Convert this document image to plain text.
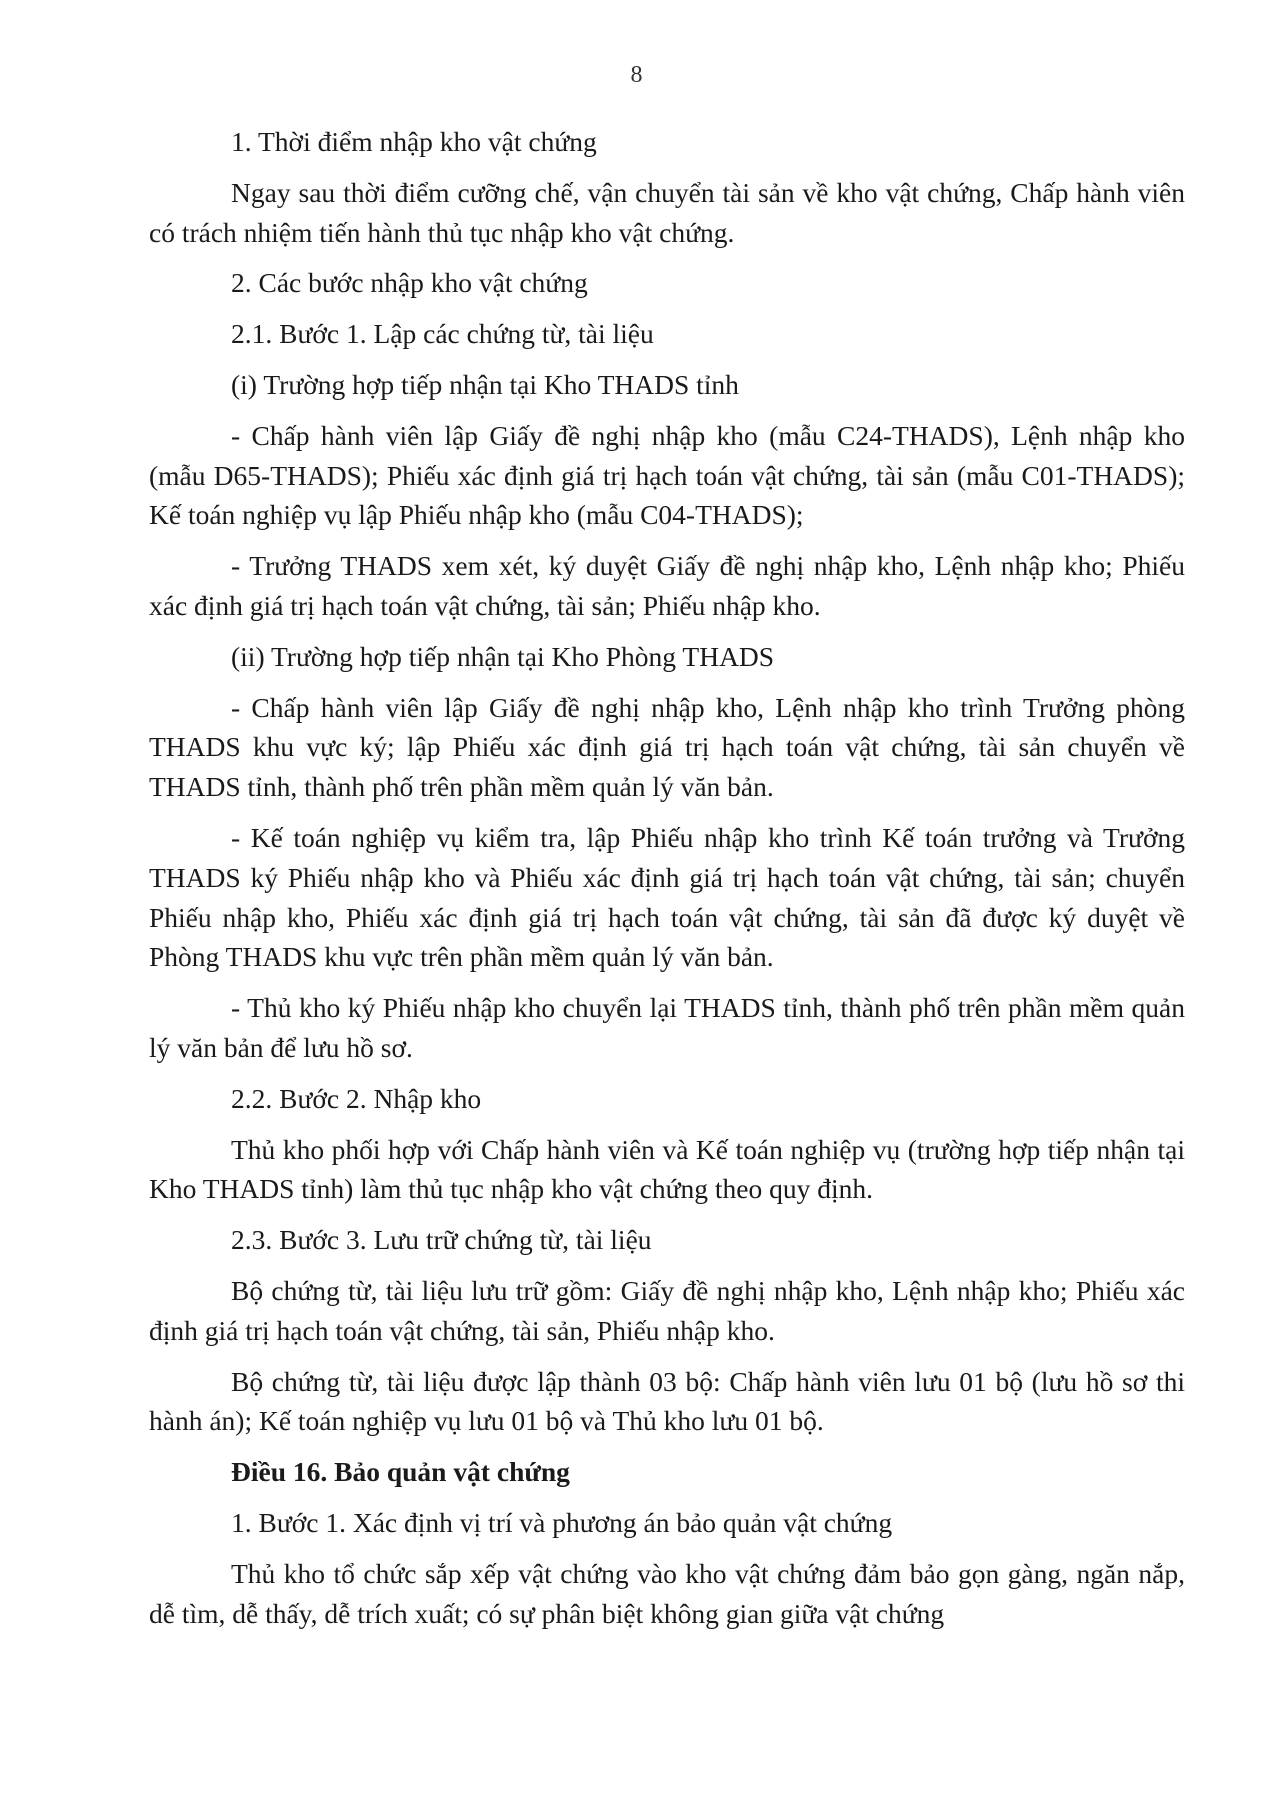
8

1. Thời điểm nhập kho vật chứng

Ngay sau thời điểm cưỡng chế, vận chuyển tài sản về kho vật chứng, Chấp hành viên có trách nhiệm tiến hành thủ tục nhập kho vật chứng.

2. Các bước nhập kho vật chứng

2.1. Bước 1. Lập các chứng từ, tài liệu

(i) Trường hợp tiếp nhận tại Kho THADS tỉnh

- Chấp hành viên lập Giấy đề nghị nhập kho (mẫu C24-THADS), Lệnh nhập kho (mẫu D65-THADS); Phiếu xác định giá trị hạch toán vật chứng, tài sản (mẫu C01-THADS); Kế toán nghiệp vụ lập Phiếu nhập kho (mẫu C04-THADS);

- Trưởng THADS xem xét, ký duyệt Giấy đề nghị nhập kho, Lệnh nhập kho; Phiếu xác định giá trị hạch toán vật chứng, tài sản; Phiếu nhập kho.

(ii) Trường hợp tiếp nhận tại Kho Phòng THADS

- Chấp hành viên lập Giấy đề nghị nhập kho, Lệnh nhập kho trình Trưởng phòng THADS khu vực ký; lập Phiếu xác định giá trị hạch toán vật chứng, tài sản chuyển về THADS tỉnh, thành phố trên phần mềm quản lý văn bản.

- Kế toán nghiệp vụ kiểm tra, lập Phiếu nhập kho trình Kế toán trưởng và Trưởng THADS ký Phiếu nhập kho và Phiếu xác định giá trị hạch toán vật chứng, tài sản; chuyển Phiếu nhập kho, Phiếu xác định giá trị hạch toán vật chứng, tài sản đã được ký duyệt về Phòng THADS khu vực trên phần mềm quản lý văn bản.

- Thủ kho ký Phiếu nhập kho chuyển lại THADS tỉnh, thành phố trên phần mềm quản lý văn bản để lưu hồ sơ.

2.2. Bước 2. Nhập kho

Thủ kho phối hợp với Chấp hành viên và Kế toán nghiệp vụ (trường hợp tiếp nhận tại Kho THADS tỉnh) làm thủ tục nhập kho vật chứng theo quy định.

2.3. Bước 3. Lưu trữ chứng từ, tài liệu

Bộ chứng từ, tài liệu lưu trữ gồm: Giấy đề nghị nhập kho, Lệnh nhập kho; Phiếu xác định giá trị hạch toán vật chứng, tài sản, Phiếu nhập kho.

Bộ chứng từ, tài liệu được lập thành 03 bộ: Chấp hành viên lưu 01 bộ (lưu hồ sơ thi hành án); Kế toán nghiệp vụ lưu 01 bộ và Thủ kho lưu 01 bộ.

Điều 16. Bảo quản vật chứng

1. Bước 1. Xác định vị trí và phương án bảo quản vật chứng

Thủ kho tổ chức sắp xếp vật chứng vào kho vật chứng đảm bảo gọn gàng, ngăn nắp, dễ tìm, dễ thấy, dễ trích xuất; có sự phân biệt không gian giữa vật chứng
